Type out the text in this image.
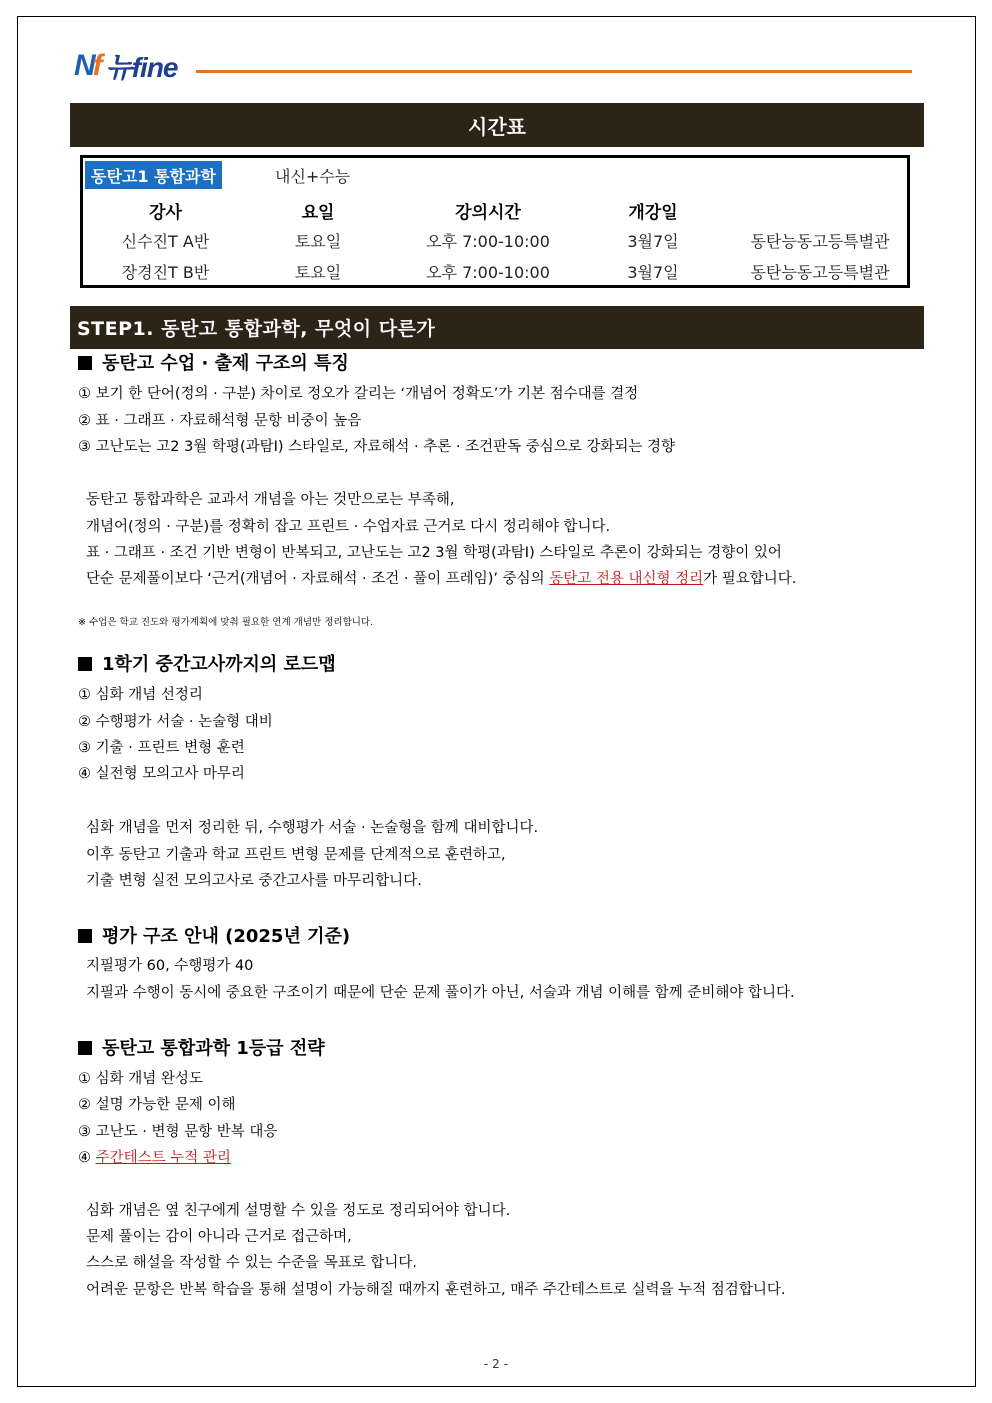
Nf 뉴fine
시간표
동탄고1 통합과학	내신+수능
강사	요일	강의시간	개강일
신수진T A반	토요일	오후 7:00-10:00	3월7일	동탄능동고등특별관
장경진T B반	토요일	오후 7:00-10:00	3월7일	동탄능동고등특별관
STEP1. 동탄고 통합과학, 무엇이 다른가
동탄고 수업 · 출제 구조의 특징
① 보기 한 단어(정의 · 구분) 차이로 정오가 갈리는 ‘개념어 정확도’가 기본 점수대를 결정
② 표 · 그래프 · 자료해석형 문항 비중이 높음
③ 고난도는 고2 3월 학평(과탐Ⅰ) 스타일로, 자료해석 · 추론 · 조건판독 중심으로 강화되는 경향
동탄고 통합과학은 교과서 개념을 아는 것만으로는 부족해,
개념어(정의 · 구분)를 정확히 잡고 프린트 · 수업자료 근거로 다시 정리해야 합니다.
표 · 그래프 · 조건 기반 변형이 반복되고, 고난도는 고2 3월 학평(과탐Ⅰ) 스타일로 추론이 강화되는 경향이 있어
단순 문제풀이보다 ‘근거(개념어 · 자료해석 · 조건 · 풀이 프레임)’ 중심의 동탄고 전용 내신형 정리가 필요합니다.
※ 수업은 학교 진도와 평가계획에 맞춰 필요한 연계 개념만 정리합니다.
1학기 중간고사까지의 로드맵
① 심화 개념 선정리
② 수행평가 서술 · 논술형 대비
③ 기출 · 프린트 변형 훈련
④ 실전형 모의고사 마무리
심화 개념을 먼저 정리한 뒤, 수행평가 서술 · 논술형을 함께 대비합니다.
이후 동탄고 기출과 학교 프린트 변형 문제를 단계적으로 훈련하고,
기출 변형 실전 모의고사로 중간고사를 마무리합니다.
평가 구조 안내 (2025년 기준)
지필평가 60, 수행평가 40
지필과 수행이 동시에 중요한 구조이기 때문에 단순 문제 풀이가 아닌, 서술과 개념 이해를 함께 준비해야 합니다.
동탄고 통합과학 1등급 전략
① 심화 개념 완성도
② 설명 가능한 문제 이해
③ 고난도 · 변형 문항 반복 대응
④ 주간테스트 누적 관리
심화 개념은 옆 친구에게 설명할 수 있을 정도로 정리되어야 합니다.
문제 풀이는 감이 아니라 근거로 접근하며,
스스로 해설을 작성할 수 있는 수준을 목표로 합니다.
어려운 문항은 반복 학습을 통해 설명이 가능해질 때까지 훈련하고, 매주 주간테스트로 실력을 누적 점검합니다.
- 2 -
